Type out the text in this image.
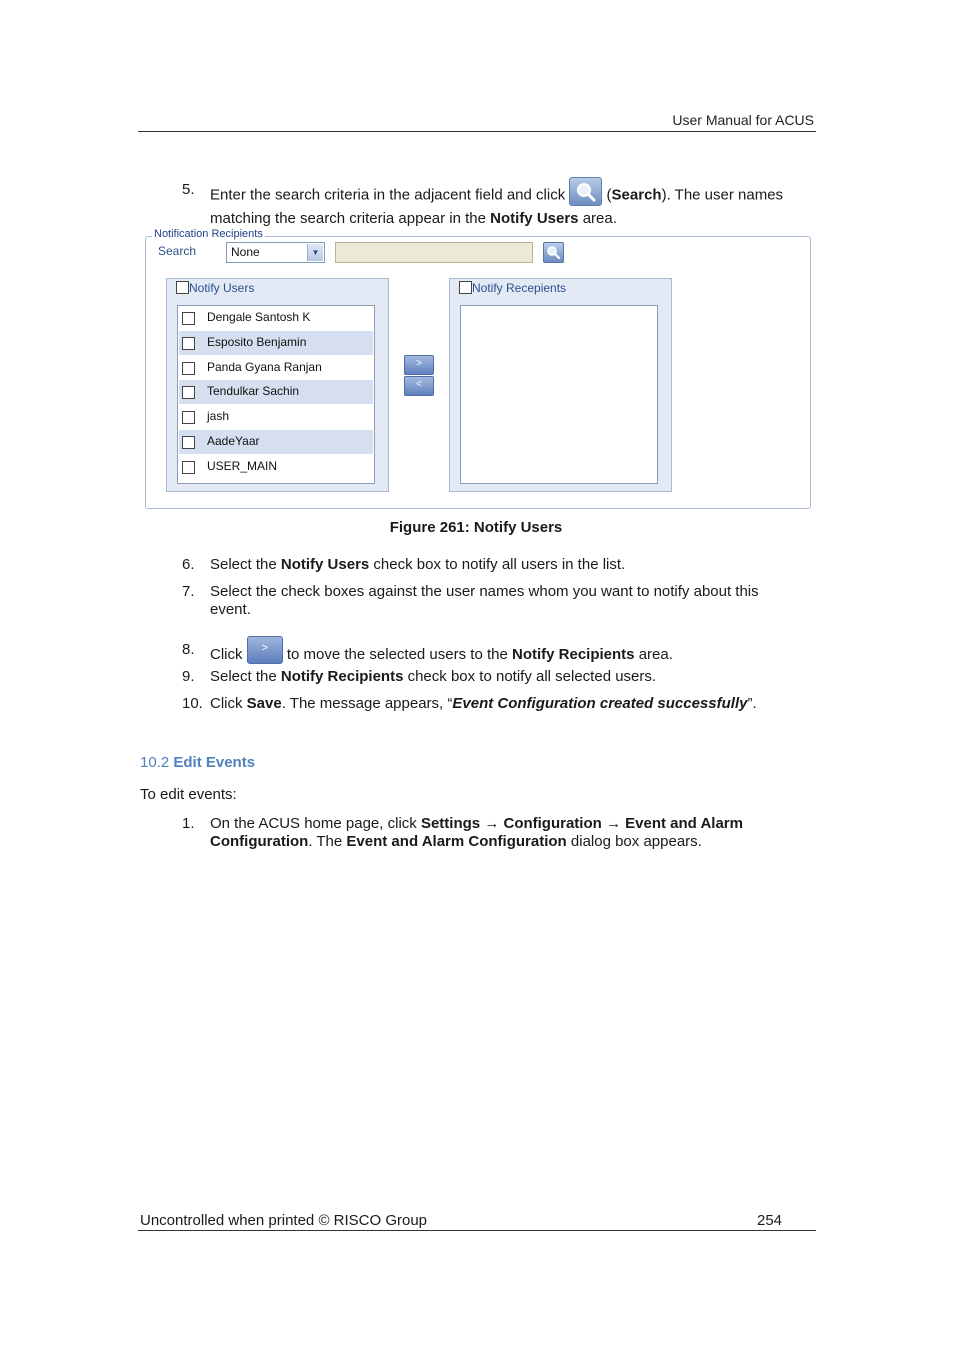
User Manual for ACUS
5.	Enter the search criteria in the adjacent field and click	(Search). The user names
matching the search criteria appear in the Notify Users area.
Notification Recipients
Search	None	▼
Notify Users
Dengale Santosh K
Esposito Benjamin
Panda Gyana Ranjan
Tendulkar Sachin
jash
AadeYaar
USER_MAIN
>
<
Notify Recepients
Figure 261: Notify Users
6.	Select the Notify Users check box to notify all users in the list.
7.	Select the check boxes against the user names whom you want to notify about this
event.
8.	Click > to move the selected users to the Notify Recipients area.
9.	Select the Notify Recipients check box to notify all selected users.
10. Click Save. The message appears, “Event Configuration created successfully”.
10.2 Edit Events
To edit events:
1.	On the ACUS home page, click Settings → Configuration → Event and Alarm
Configuration. The Event and Alarm Configuration dialog box appears.
Uncontrolled when printed © RISCO Group	254
